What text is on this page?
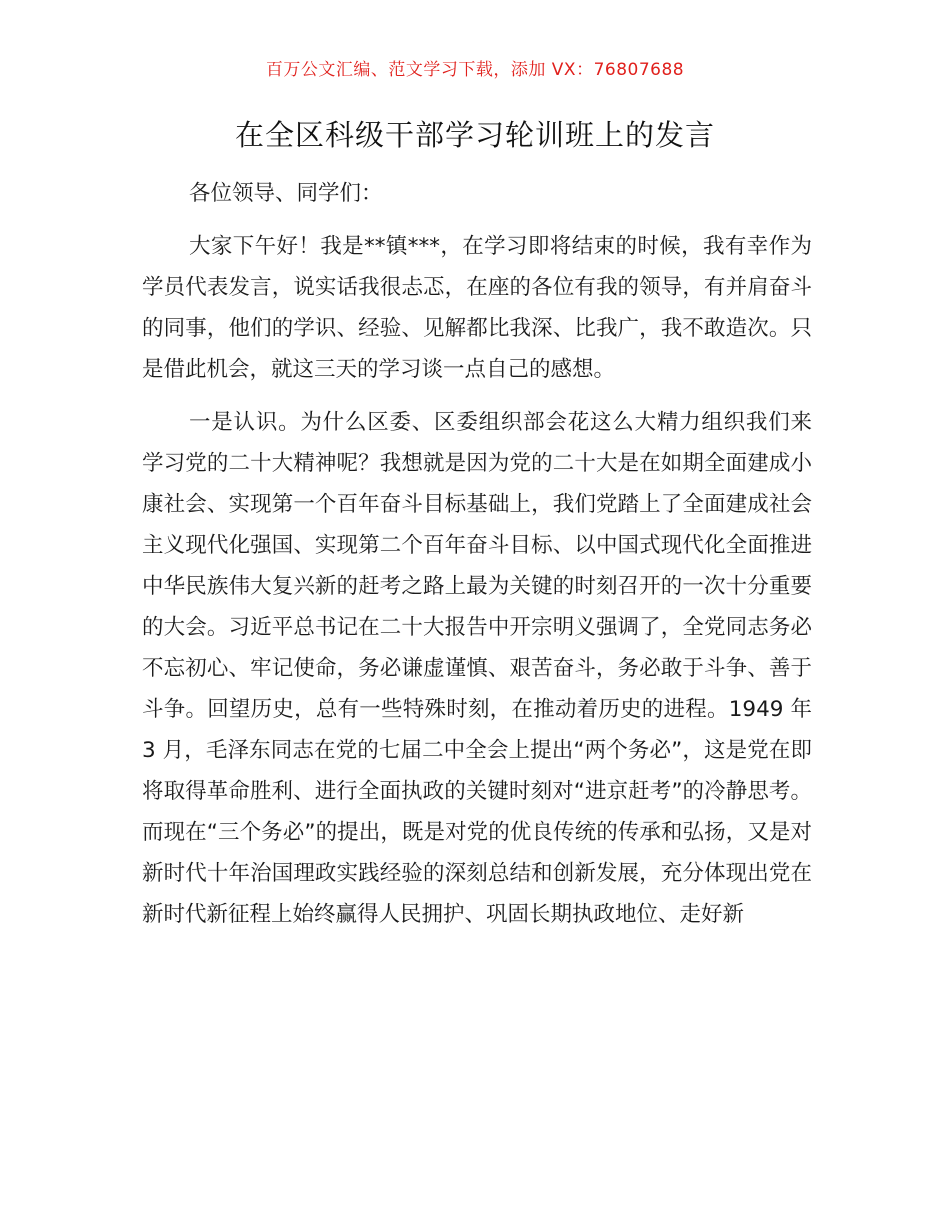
百万公文汇编、范文学习下载，添加 VX：76807688
在全区科级干部学习轮训班上的发言

各位领导、同学们：

大家下午好！我是**镇***，在学习即将结束的时候，我有幸作为学员代表发言，说实话我很忐忑，在座的各位有我的领导，有并肩奋斗的同事，他们的学识、经验、见解都比我深、比我广，我不敢造次。只是借此机会，就这三天的学习谈一点自己的感想。

一是认识。为什么区委、区委组织部会花这么大精力组织我们来学习党的二十大精神呢？我想就是因为党的二十大是在如期全面建成小康社会、实现第一个百年奋斗目标基础上，我们党踏上了全面建成社会主义现代化强国、实现第二个百年奋斗目标、以中国式现代化全面推进中华民族伟大复兴新的赶考之路上最为关键的时刻召开的一次十分重要的大会。习近平总书记在二十大报告中开宗明义强调了，全党同志务必不忘初心、牢记使命，务必谦虚谨慎、艰苦奋斗，务必敢于斗争、善于斗争。回望历史，总有一些特殊时刻，在推动着历史的进程。1949 年 3 月，毛泽东同志在党的七届二中全会上提出“两个务必”，这是党在即将取得革命胜利、进行全面执政的关键时刻对“进京赶考”的冷静思考。而现在“三个务必”的提出，既是对党的优良传统的传承和弘扬，又是对新时代十年治国理政实践经验的深刻总结和创新发展，充分体现出党在新时代新征程上始终赢得人民拥护、巩固长期执政地位、走好新
